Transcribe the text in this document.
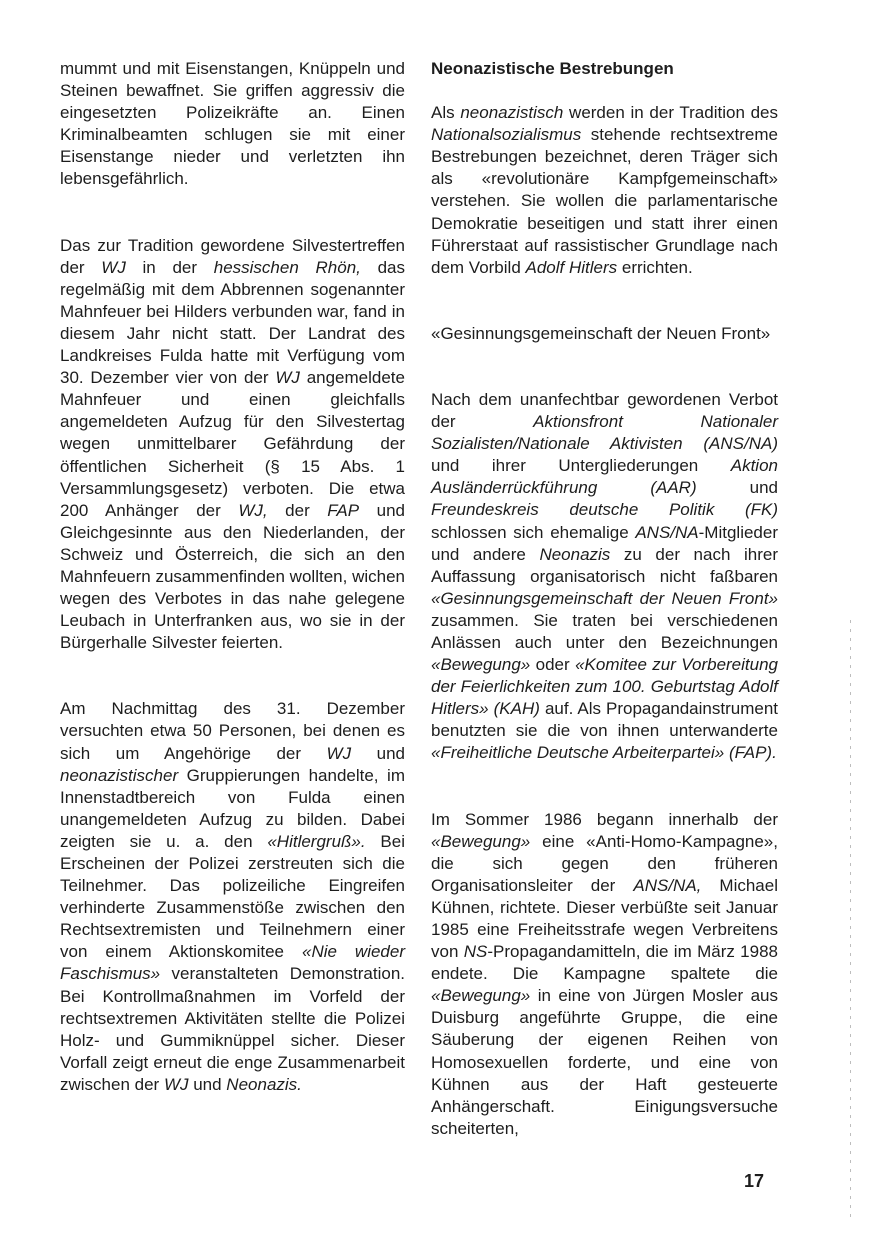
mummt und mit Eisenstangen, Knüppeln und Steinen bewaffnet. Sie griffen aggressiv die eingesetzten Polizeikräfte an. Einen Kriminalbeamten schlugen sie mit einer Eisenstange nieder und verletzten ihn lebensgefährlich.

Das zur Tradition gewordene Silvestertreffen der WJ in der hessischen Rhön, das regelmäßig mit dem Abbrennen sogenannter Mahnfeuer bei Hilders verbunden war, fand in diesem Jahr nicht statt. Der Landrat des Landkreises Fulda hatte mit Verfügung vom 30. Dezember vier von der WJ angemeldete Mahnfeuer und einen gleichfalls angemeldeten Aufzug für den Silvestertag wegen unmittelbarer Gefährdung der öffentlichen Sicherheit (§ 15 Abs. 1 Versammlungsgesetz) verboten. Die etwa 200 Anhänger der WJ, der FAP und Gleichgesinnte aus den Niederlanden, der Schweiz und Österreich, die sich an den Mahnfeuern zusammenfinden wollten, wichen wegen des Verbotes in das nahe gelegene Leubach in Unterfranken aus, wo sie in der Bürgerhalle Silvester feierten.

Am Nachmittag des 31. Dezember versuchten etwa 50 Personen, bei denen es sich um Angehörige der WJ und neonazistischer Gruppierungen handelte, im Innenstadtbereich von Fulda einen unangemeldeten Aufzug zu bilden. Dabei zeigten sie u. a. den «Hitlergruß». Bei Erscheinen der Polizei zerstreuten sich die Teilnehmer. Das polizeiliche Eingreifen verhinderte Zusammenstöße zwischen den Rechtsextremisten und Teilnehmern einer von einem Aktionskomitee «Nie wieder Faschismus» veranstalteten Demonstration. Bei Kontrollmaßnahmen im Vorfeld der rechtsextremen Aktivitäten stellte die Polizei Holz- und Gummiknüppel sicher. Dieser Vorfall zeigt erneut die enge Zusammenarbeit zwischen der WJ und Neonazis.

Neonazistische Bestrebungen

Als neonazistisch werden in der Tradition des Nationalsozialismus stehende rechtsextreme Bestrebungen bezeichnet, deren Träger sich als «revolutionäre Kampfgemeinschaft» verstehen. Sie wollen die parlamentarische Demokratie beseitigen und statt ihrer einen Führerstaat auf rassistischer Grundlage nach dem Vorbild Adolf Hitlers errichten.

«Gesinnungsgemeinschaft der Neuen Front»

Nach dem unanfechtbar gewordenen Verbot der Aktionsfront Nationaler Sozialisten/Nationale Aktivisten (ANS/NA) und ihrer Untergliederungen Aktion Ausländerrückführung (AAR) und Freundeskreis deutsche Politik (FK) schlossen sich ehemalige ANS/NA-Mitglieder und andere Neonazis zu der nach ihrer Auffassung organisatorisch nicht faßbaren «Gesinnungsgemeinschaft der Neuen Front» zusammen. Sie traten bei verschiedenen Anlässen auch unter den Bezeichnungen «Bewegung» oder «Komitee zur Vorbereitung der Feierlichkeiten zum 100. Geburtstag Adolf Hitlers» (KAH) auf. Als Propagandainstrument benutzten sie die von ihnen unterwanderte «Freiheitliche Deutsche Arbeiterpartei» (FAP).

Im Sommer 1986 begann innerhalb der «Bewegung» eine «Anti-Homo-Kampagne», die sich gegen den früheren Organisationsleiter der ANS/NA, Michael Kühnen, richtete. Dieser verbüßte seit Januar 1985 eine Freiheitsstrafe wegen Verbreitens von NS-Propagandamitteln, die im März 1988 endete. Die Kampagne spaltete die «Bewegung» in eine von Jürgen Mosler aus Duisburg angeführte Gruppe, die eine Säuberung der eigenen Reihen von Homosexuellen forderte, und eine von Kühnen aus der Haft gesteuerte Anhängerschaft. Einigungsversuche scheiterten,

17
